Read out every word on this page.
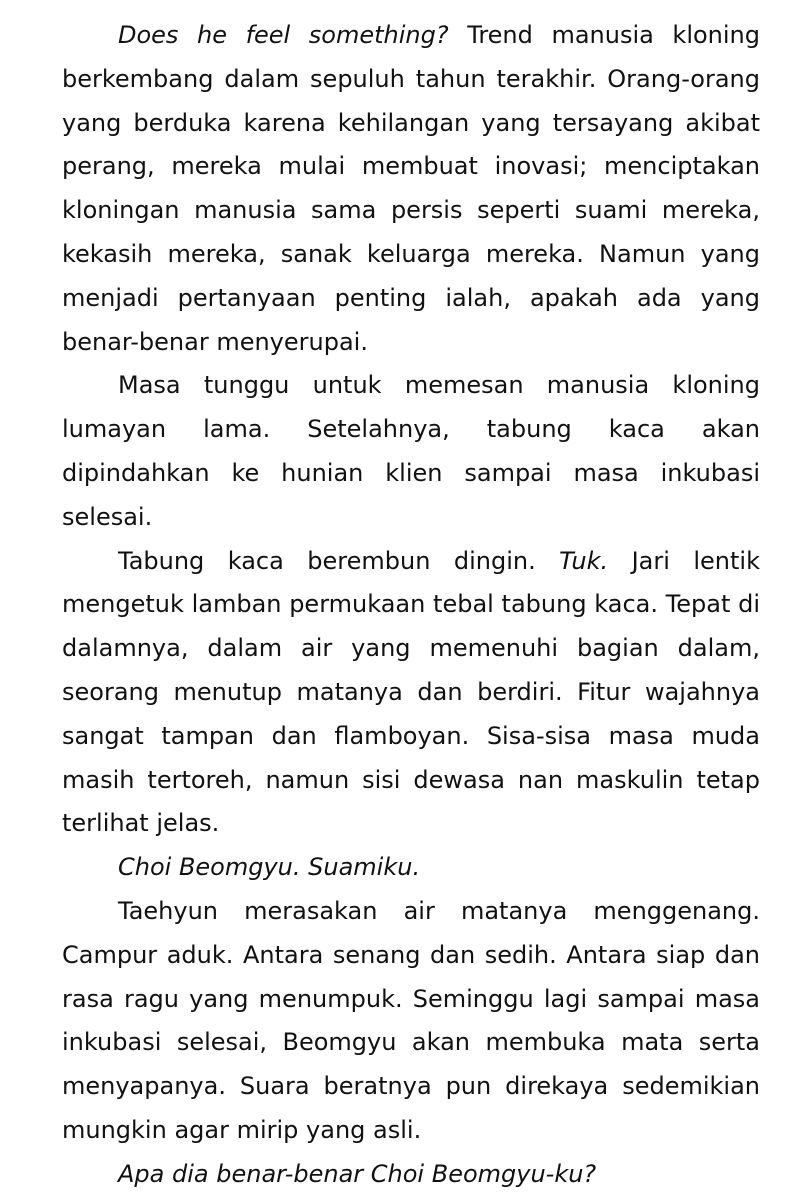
Does he feel something? Trend manusia kloning berkembang dalam sepuluh tahun terakhir. Orang-orang yang berduka karena kehilangan yang tersayang akibat perang, mereka mulai membuat inovasi; menciptakan kloningan manusia sama persis seperti suami mereka, kekasih mereka, sanak keluarga mereka. Namun yang menjadi pertanyaan penting ialah, apakah ada yang benar-benar menyerupai.

Masa tunggu untuk memesan manusia kloning lumayan lama. Setelahnya, tabung kaca akan dipindahkan ke hunian klien sampai masa inkubasi selesai.

Tabung kaca berembun dingin. Tuk. Jari lentik mengetuk lamban permukaan tebal tabung kaca. Tepat di dalamnya, dalam air yang memenuhi bagian dalam, seorang menutup matanya dan berdiri. Fitur wajahnya sangat tampan dan flamboyan. Sisa-sisa masa muda masih tertoreh, namun sisi dewasa nan maskulin tetap terlihat jelas.

Choi Beomgyu. Suamiku.

Taehyun merasakan air matanya menggenang. Campur aduk. Antara senang dan sedih. Antara siap dan rasa ragu yang menumpuk. Seminggu lagi sampai masa inkubasi selesai, Beomgyu akan membuka mata serta menyapanya. Suara beratnya pun direkaya sedemikian mungkin agar mirip yang asli.

Apa dia benar-benar Choi Beomgyu-ku?
